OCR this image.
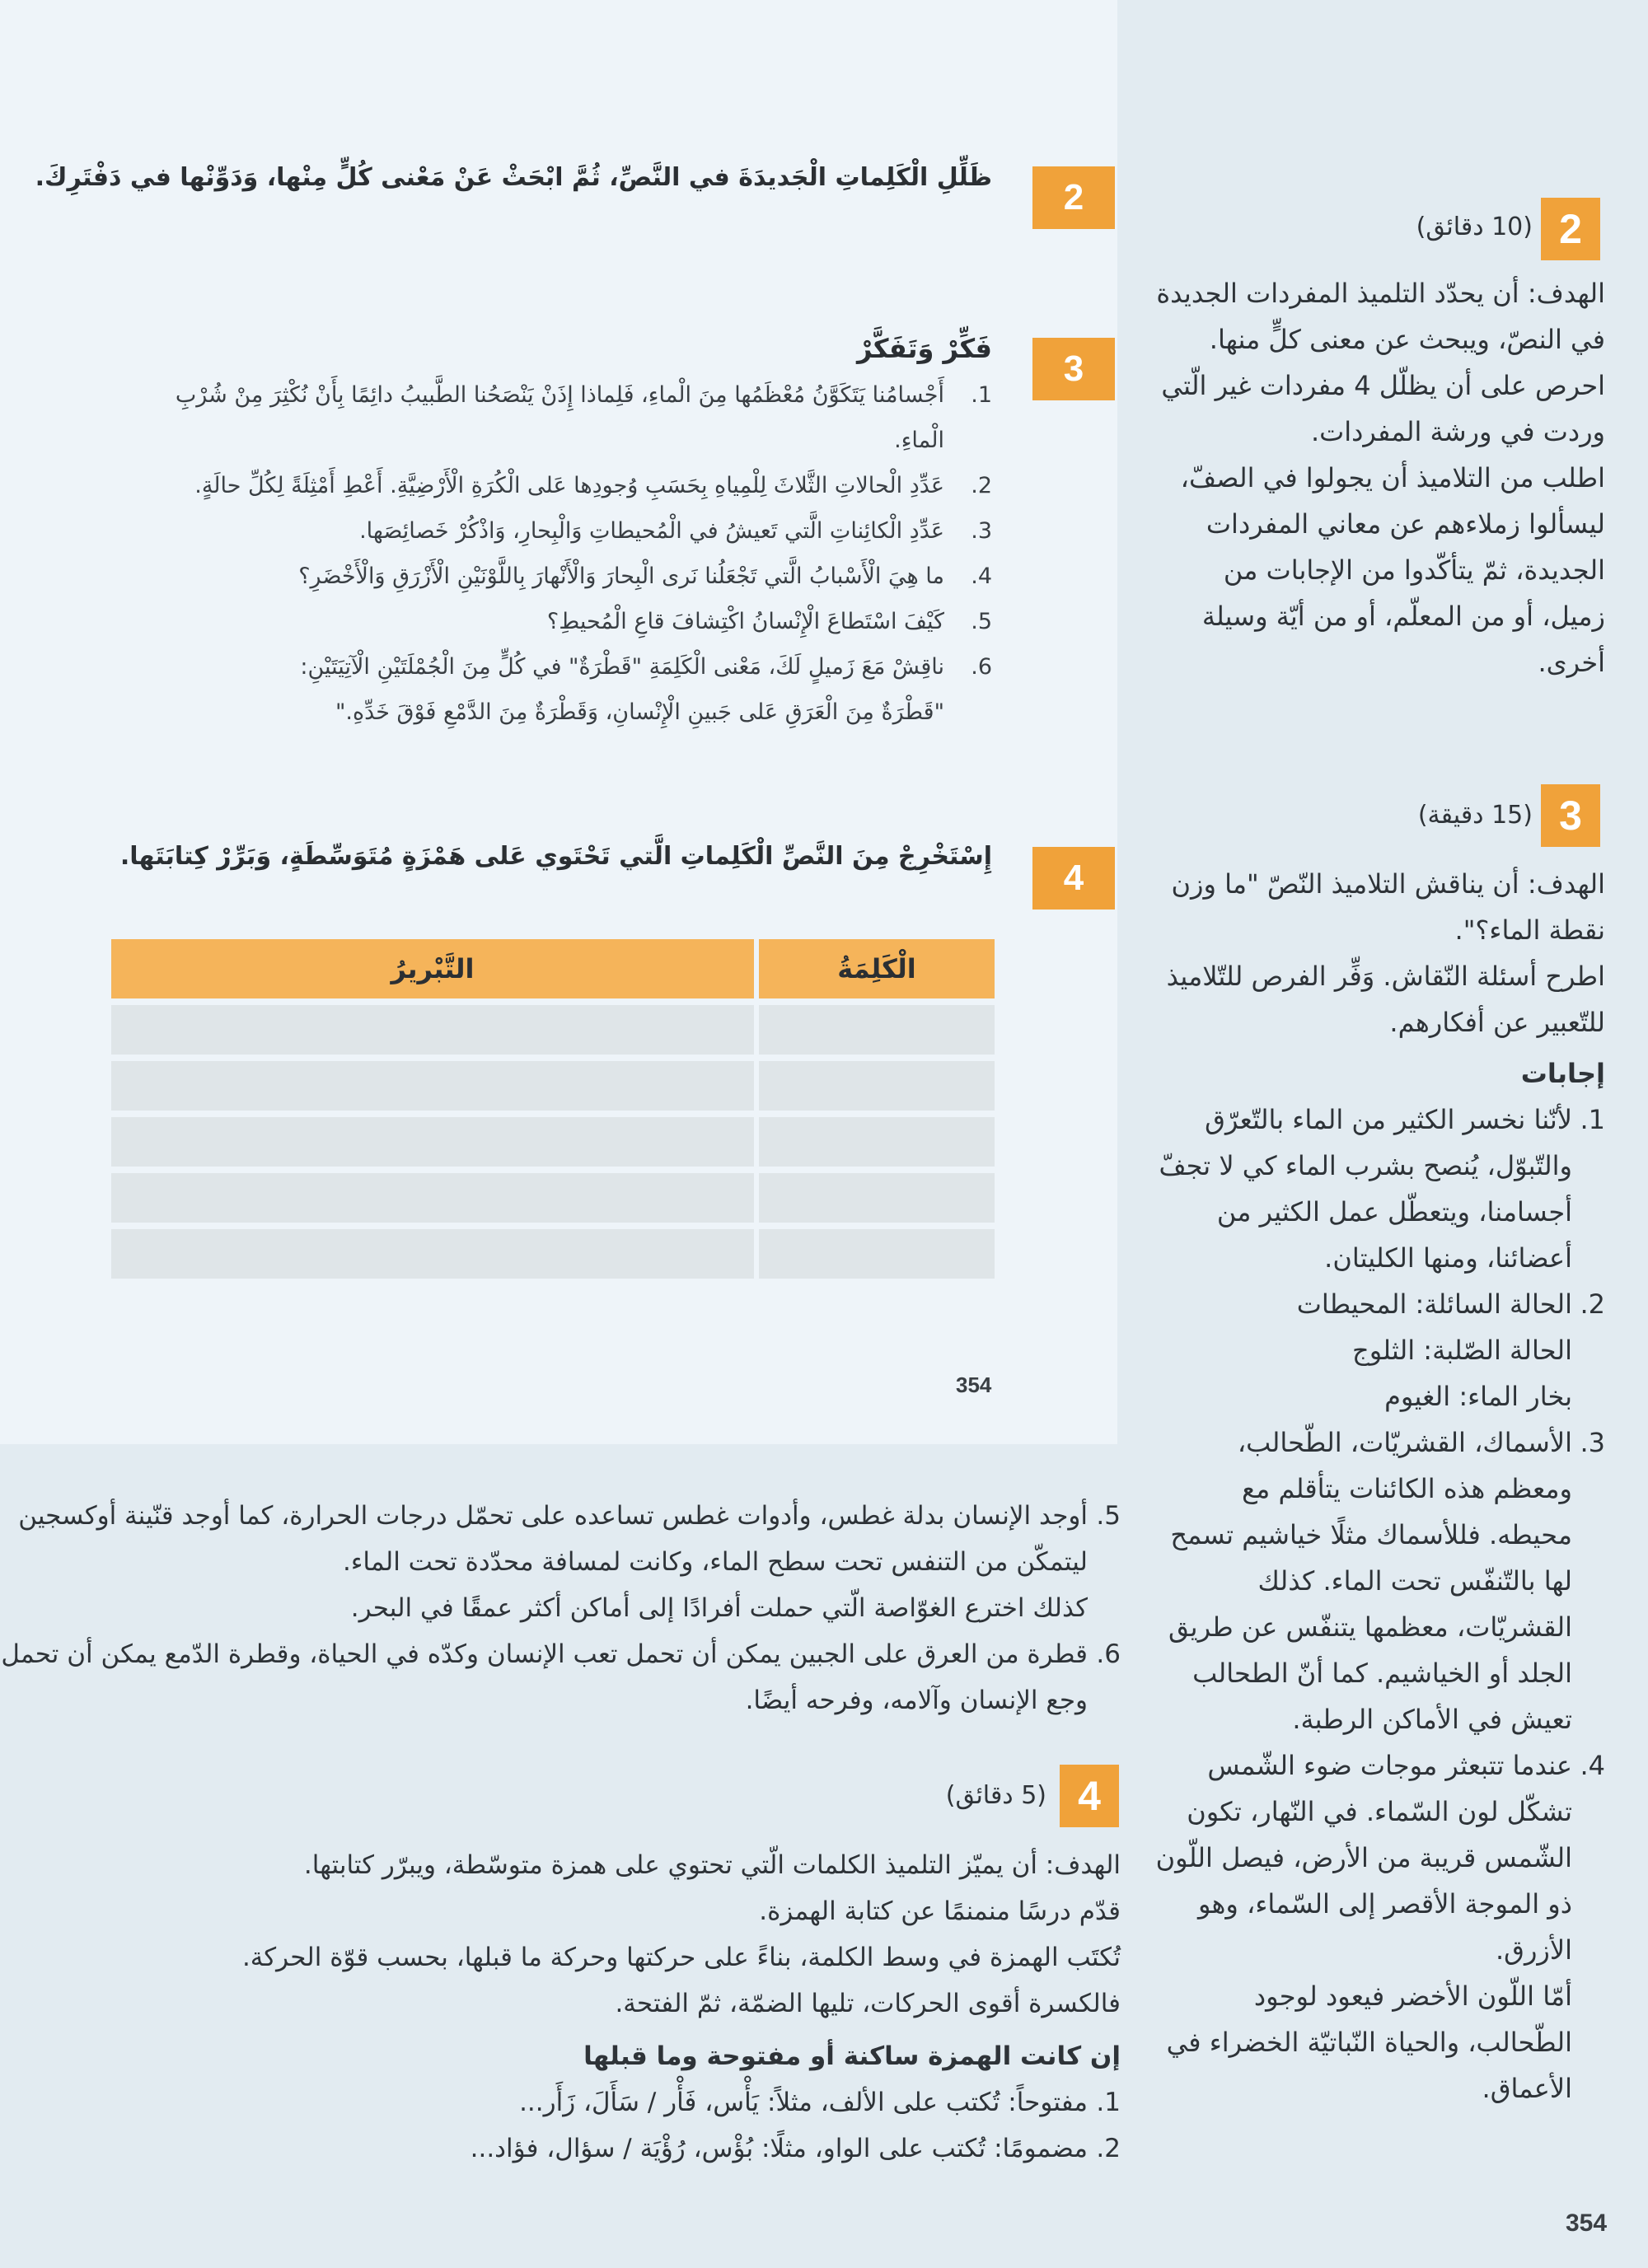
2
ظَلِّلِ الْكَلِماتِ الْجَديدَةَ في النَّصِّ، ثُمَّ ابْحَثْ عَنْ مَعْنى كُلٍّ مِنْها، وَدَوِّنْها في دَفْتَرِكَ.
3
فَكِّرْ وَتَفَكَّرْ
1.
أَجْسامُنا يَتَكَوَّنُ مُعْظَمُها مِنَ الْماءِ، فَلِماذا إِذَنْ يَنْصَحُنا الطَّبيبُ دائِمًا بِأَنْ نُكْثِرَ مِنْ شُرْبِ الْماءِ.
2.
عَدِّدِ الْحالاتِ الثَّلاثَ لِلْمِياهِ بِحَسَبِ وُجودِها عَلى الْكُرَةِ الْأَرْضِيَّةِ. أَعْطِ أَمْثِلَةً لِكُلِّ حالَةٍ.
3.
عَدِّدِ الْكائِناتِ الَّتي تَعيشُ في الْمُحيطاتِ وَالْبِحارِ، وَاذْكُرْ خَصائِصَها.
4.
ما هِيَ الْأَسْبابُ الَّتي تَجْعَلُنا نَرى الْبِحارَ وَالْأَنْهارَ بِاللَّوْنَيْنِ الْأَزْرَقِ وَالْأَخْضَرِ؟
5.
كَيْفَ اسْتَطاعَ الْإِنْسانُ اكْتِشافَ قاعِ الْمُحيطِ؟
6.
ناقِشْ مَعَ زَميلٍ لَكَ، مَعْنى الْكَلِمَةِ "قَطْرَةٌ" في كُلٍّ مِنَ الْجُمْلَتَيْنِ الْآتِيَتَيْنِ:
"قَطْرَةٌ مِنَ الْعَرَقِ عَلى جَبينِ الْإِنْسانِ، وَقَطْرَةٌ مِنَ الدَّمْعِ فَوْقَ خَدِّهِ."
4
إِسْتَخْرِجْ مِنَ النَّصِّ الْكَلِماتِ الَّتي تَحْتَوي عَلى هَمْزَةٍ مُتَوَسِّطَةٍ، وَبَرِّرْ كِتابَتَها.
الْكَلِمَةُ
التَّبْريرُ
354
2
(10 دقائق)
الهدف: أن يحدّد التلميذ المفردات الجديدة في النصّ، ويبحث عن معنى كلٍّ منها.
احرص على أن يظلّل 4 مفردات غير الّتي وردت في ورشة المفردات.
اطلب من التلاميذ أن يجولوا في الصفّ، ليسألوا زملاءهم عن معاني المفردات الجديدة، ثمّ يتأكّدوا من الإجابات من زميل، أو من المعلّم، أو من أيّة وسيلة أخرى.
3
(15 دقيقة)
الهدف: أن يناقش التلاميذ النّصّ "ما وزن نقطة الماء؟".
اطرح أسئلة النّقاش. وَفِّر الفرص للتّلاميذ للتّعبير عن أفكارهم.
إجابات
1.
لأنّنا نخسر الكثير من الماء بالتّعرّق والتّبوّل، يُنصح بشرب الماء كي لا تجفّ أجسامنا، ويتعطّل عمل الكثير من أعضائنا، ومنها الكليتان.
2.
الحالة السائلة: المحيطات
الحالة الصّلبة: الثلوج
بخار الماء: الغيوم
3.
الأسماك، القشريّات، الطّحالب، ومعظم هذه الكائنات يتأقلم مع محيطه. فللأسماك مثلًا خياشيم تسمح لها بالتّنفّس تحت الماء. كذلك القشريّات، معظمها يتنفّس عن طريق الجلد أو الخياشيم. كما أنّ الطحالب تعيش في الأماكن الرطبة.
4.
عندما تتبعثر موجات ضوء الشّمس تشكّل لون السّماء. في النّهار، تكون الشّمس قريبة من الأرض، فيصل اللّون ذو الموجة الأقصر إلى السّماء، وهو الأزرق.
أمّا اللّون الأخضر فيعود لوجود الطّحالب، والحياة النّباتيّة الخضراء في الأعماق.
354
5.
أوجد الإنسان بدلة غطس، وأدوات غطس تساعده على تحمّل درجات الحرارة، كما أوجد قنّينة أوكسجين ليتمكّن من التنفس تحت سطح الماء، وكانت لمسافة محدّدة تحت الماء.
كذلك اخترع الغوّاصة الّتي حملت أفرادًا إلى أماكن أكثر عمقًا في البحر.
6.
قطرة من العرق على الجبين يمكن أن تحمل تعب الإنسان وكدّه في الحياة، وقطرة الدّمع يمكن أن تحمل وجع الإنسان وآلامه، وفرحه أيضًا.
4
(5 دقائق)
الهدف: أن يميّز التلميذ الكلمات الّتي تحتوي على همزة متوسّطة، ويبرّر كتابتها.
قدّم درسًا منمنمًا عن كتابة الهمزة.
تُكتَب الهمزة في وسط الكلمة، بناءً على حركتها وحركة ما قبلها، بحسب قوّة الحركة.
فالكسرة أقوى الحركات، تليها الضمّة، ثمّ الفتحة.
إن كانت الهمزة ساكنة أو مفتوحة وما قبلها
1.
مفتوحاً: تُكتب على الألف، مثلاً: يَأْس، فَأْر / سَأَلَ، زَأَر...
2.
مضمومًا: تُكتب على الواو، مثلًا: بُؤْس، رُؤْيَة / سؤال، فؤاد...
